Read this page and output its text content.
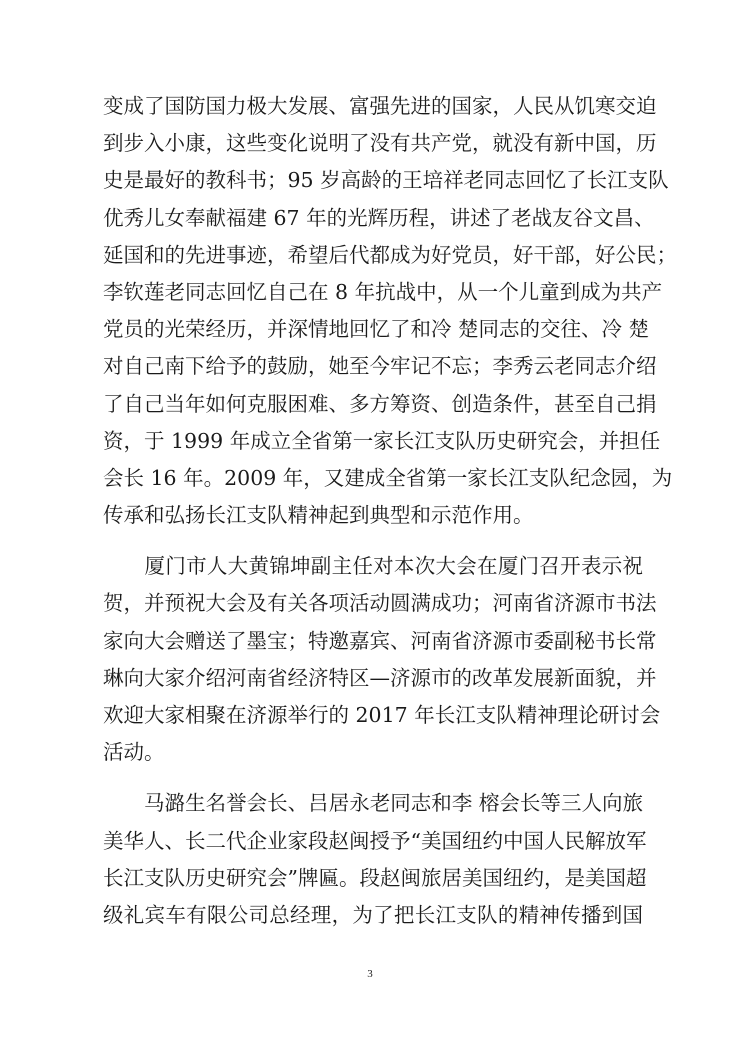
变成了国防国力极大发展、富强先进的国家，人民从饥寒交迫
到步入小康，这些变化说明了没有共产党，就没有新中国，历
史是最好的教科书；95 岁高龄的王培祥老同志回忆了长江支队
优秀儿女奉献福建 67 年的光辉历程，讲述了老战友谷文昌、
延国和的先进事迹，希望后代都成为好党员，好干部，好公民；
李钦莲老同志回忆自己在 8 年抗战中，从一个儿童到成为共产
党员的光荣经历，并深情地回忆了和冷 楚同志的交往、冷 楚
对自己南下给予的鼓励，她至今牢记不忘；李秀云老同志介绍
了自己当年如何克服困难、多方筹资、创造条件，甚至自己捐
资，于 1999 年成立全省第一家长江支队历史研究会，并担任
会长 16 年。2009 年，又建成全省第一家长江支队纪念园，为
传承和弘扬长江支队精神起到典型和示范作用。
　　厦门市人大黄锦坤副主任对本次大会在厦门召开表示祝
贺，并预祝大会及有关各项活动圆满成功；河南省济源市书法
家向大会赠送了墨宝；特邀嘉宾、河南省济源市委副秘书长常
琳向大家介绍河南省经济特区—济源市的改革发展新面貌，并
欢迎大家相聚在济源举行的 2017 年长江支队精神理论研讨会
活动。
　　马潞生名誉会长、吕居永老同志和李 榕会长等三人向旅
美华人、长二代企业家段赵闽授予“美国纽约中国人民解放军
长江支队历史研究会”牌匾。段赵闽旅居美国纽约，是美国超
级礼宾车有限公司总经理，为了把长江支队的精神传播到国
3
